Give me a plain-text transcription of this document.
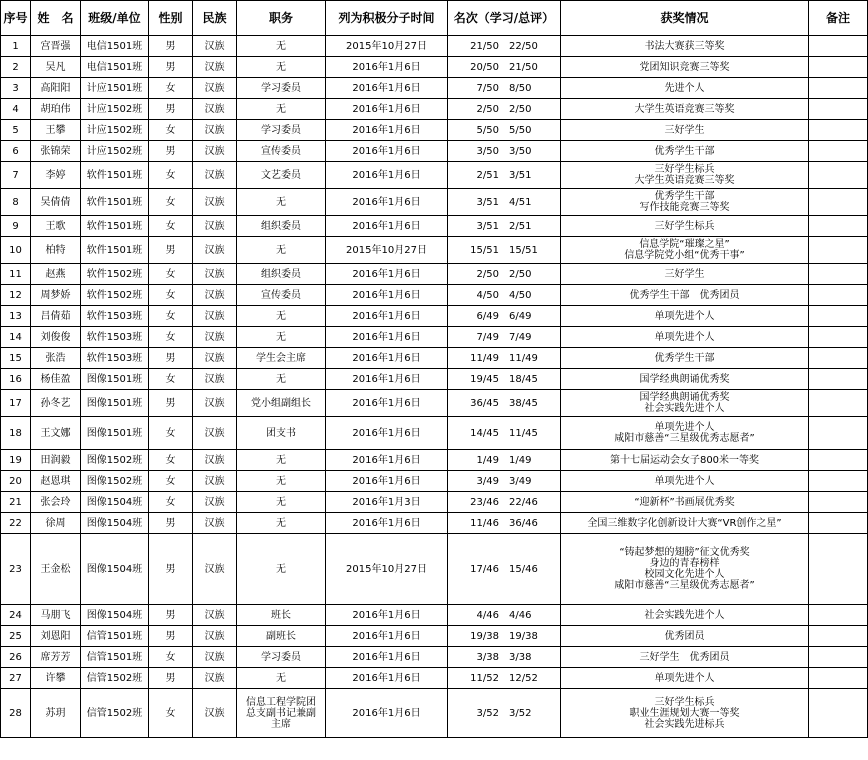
序号	姓　名	班级/单位	性别	民族	职务	列为积极分子时间	名次（学习/总评）	获奖情况	备注
1	宫晋强	电信1501班	男	汉族	无	2015年10月27日	21/50　22/50	书法大赛获三等奖	

2	吴凡	电信1501班	男	汉族	无	2016年1月6日	20/50　21/50	党团知识竞赛三等奖	

3	高阳阳	计应1501班	女	汉族	学习委员	2016年1月6日	7/50　8/50	先进个人	

4	胡珀伟	计应1502班	男	汉族	无	2016年1月6日	2/50　2/50	大学生英语竞赛三等奖	

5	王攀	计应1502班	女	汉族	学习委员	2016年1月6日	5/50　5/50	三好学生	

6	张锦荣	计应1502班	男	汉族	宣传委员	2016年1月6日	3/50　3/50	优秀学生干部	

7	李婷	软件1501班	女	汉族	文艺委员	2016年1月6日	2/51　3/51	三好学生标兵
大学生英语竞赛三等奖	

8	吴倩倩	软件1501班	女	汉族	无	2016年1月6日	3/51　4/51	优秀学生干部
写作技能竞赛三等奖	

9	王歌	软件1501班	女	汉族	组织委员	2016年1月6日	3/51　2/51	三好学生标兵	

10	柏特	软件1501班	男	汉族	无	2015年10月27日	15/51　15/51	信息学院“璀璨之星”
信息学院党小组“优秀干事”	

11	赵燕	软件1502班	女	汉族	组织委员	2016年1月6日	2/50　2/50	三好学生	

12	周梦娇	软件1502班	女	汉族	宣传委员	2016年1月6日	4/50　4/50	优秀学生干部　优秀团员	

13	吕倩茹	软件1503班	女	汉族	无	2016年1月6日	6/49　6/49	单项先进个人	

14	刘俊俊	软件1503班	女	汉族	无	2016年1月6日	7/49　7/49	单项先进个人	

15	张浩	软件1503班	男	汉族	学生会主席	2016年1月6日	11/49　11/49	优秀学生干部	

16	杨佳盈	图像1501班	女	汉族	无	2016年1月6日	19/45　18/45	国学经典朗诵优秀奖	

17	孙冬艺	图像1501班	男	汉族	党小组副组长	2016年1月6日	36/45　38/45	国学经典朗诵优秀奖
社会实践先进个人	

18	王文娜	图像1501班	女	汉族	团支书	2016年1月6日	14/45　11/45	单项先进个人
咸阳市慈善“三星级优秀志愿者”	

19	田润毅	图像1502班	女	汉族	无	2016年1月6日	1/49　1/49	第十七届运动会女子800米一等奖	

20	赵恩琪	图像1502班	女	汉族	无	2016年1月6日	3/49　3/49	单项先进个人	

21	张会玲	图像1504班	女	汉族	无	2016年1月3日	23/46　22/46	“迎新杯”书画展优秀奖	

22	徐周	图像1504班	男	汉族	无	2016年1月6日	11/46　36/46	全国三维数字化创新设计大赛“VR创作之星”	

23	王金松	图像1504班	男	汉族	无	2015年10月27日	17/46　15/46	“铸起梦想的翅膀”征文优秀奖
身边的青春榜样
校园文化先进个人
咸阳市慈善“三星级优秀志愿者”	

24	马朋飞	图像1504班	男	汉族	班长	2016年1月6日	4/46　4/46	社会实践先进个人	

25	刘恩阳	信管1501班	男	汉族	副班长	2016年1月6日	19/38　19/38	优秀团员	

26	席芳芳	信管1501班	女	汉族	学习委员	2016年1月6日	3/38　3/38	三好学生　优秀团员	

27	许攀	信管1502班	男	汉族	无	2016年1月6日	11/52　12/52	单项先进个人	

28	苏玥	信管1502班	女	汉族	信息工程学院团
总支副书记兼副
主席	2016年1月6日	3/52　3/52	三好学生标兵
职业生涯规划大赛一等奖
社会实践先进标兵	
